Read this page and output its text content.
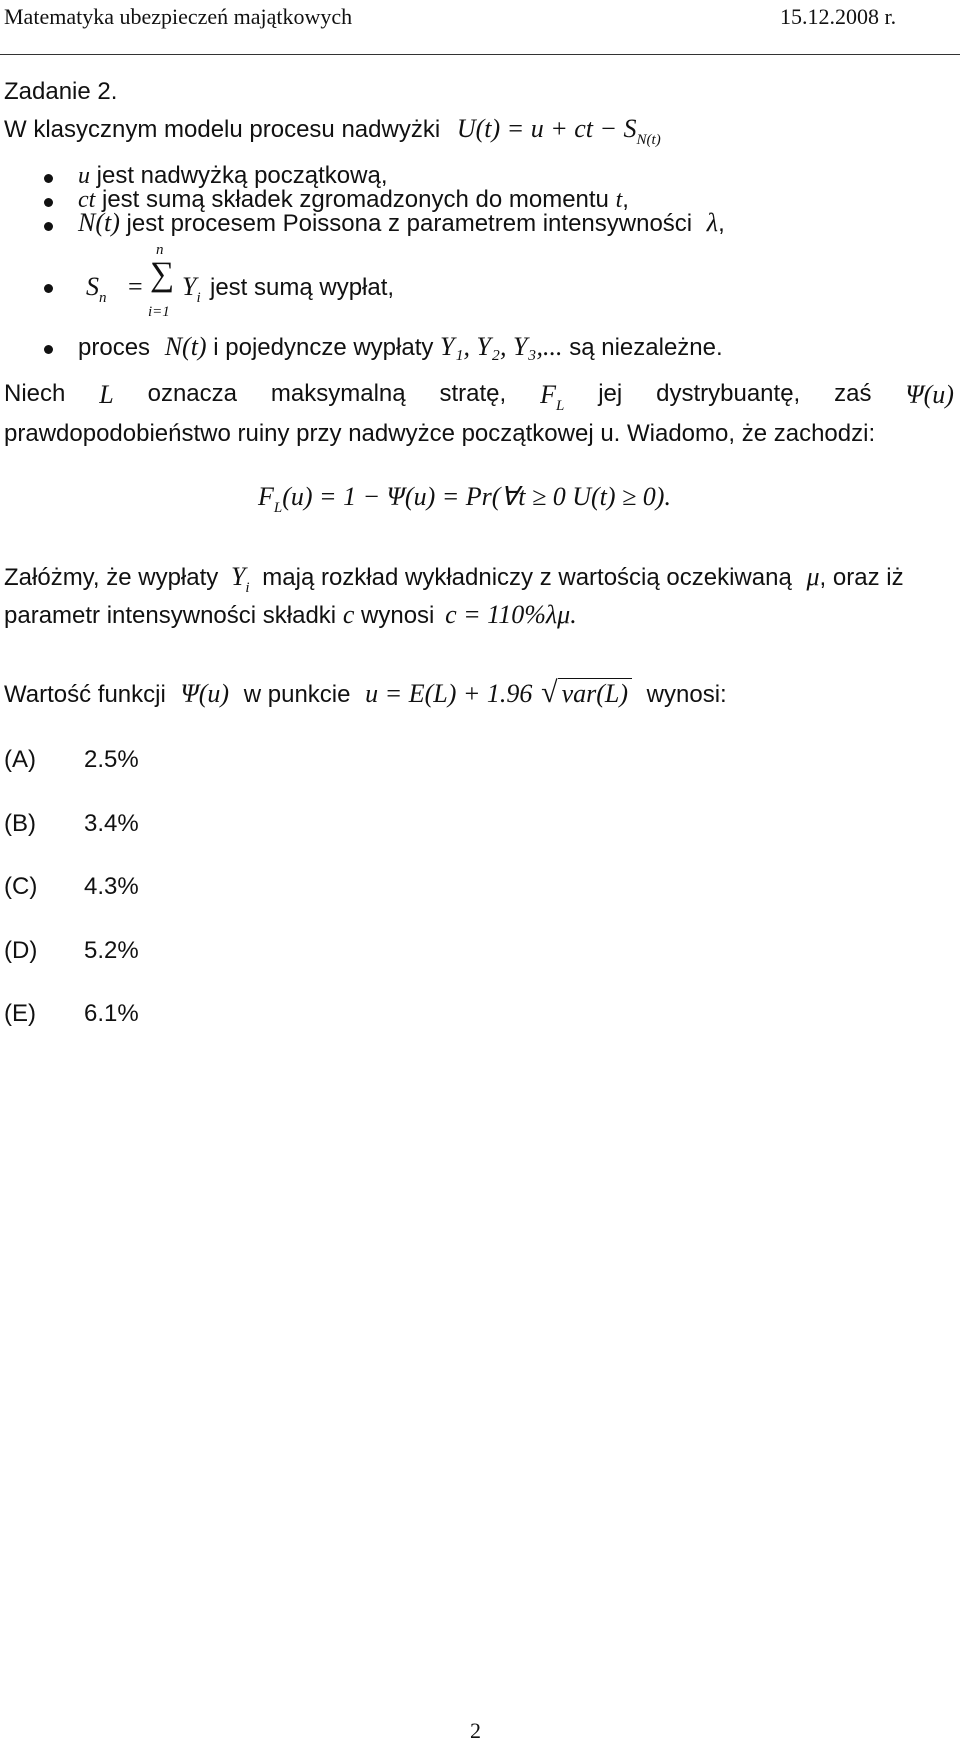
Matematyka ubezpieczeń majątkowych	15.12.2008 r.
Zadanie 2.
W klasycznym modelu procesu nadwyżki U(t) = u + ct − $S_{N(t)}$
u jest nadwyżką początkową,
ct jest sumą składek zgromadzonych do momentu t,
N(t) jest procesem Poissona z parametrem intensywności λ,
$S_n$ =
n
∑
i=1
$Y_i$ jest sumą wypłat,
proces N(t) i pojedyncze wypłaty Y₁, Y₂, Y₃,... są niezależne.
Niech L oznacza maksymalną stratę, $F_L$ jej dystrybuantę, zaś Ψ(u)
prawdopodobieństwo ruiny przy nadwyżce początkowej u. Wiadomo, że zachodzi:
$F_L(u) = 1 - \Psi(u)$ = Pr(∀t ≥ 0 U(t) ≥ 0).
Załóżmy, że wypłaty $Y_i$ mają rozkład wykładniczy z wartością oczekiwaną μ, oraz iż
parametr intensywności składki c wynosi c = 110%λμ.
Wartość funkcji Ψ(u) w punkcie u = E(L) + 1.96 √ var(L) wynosi:
(A) 2.5%
(B) 3.4%
(C) 4.3%
(D) 5.2%
(E) 6.1%
2
